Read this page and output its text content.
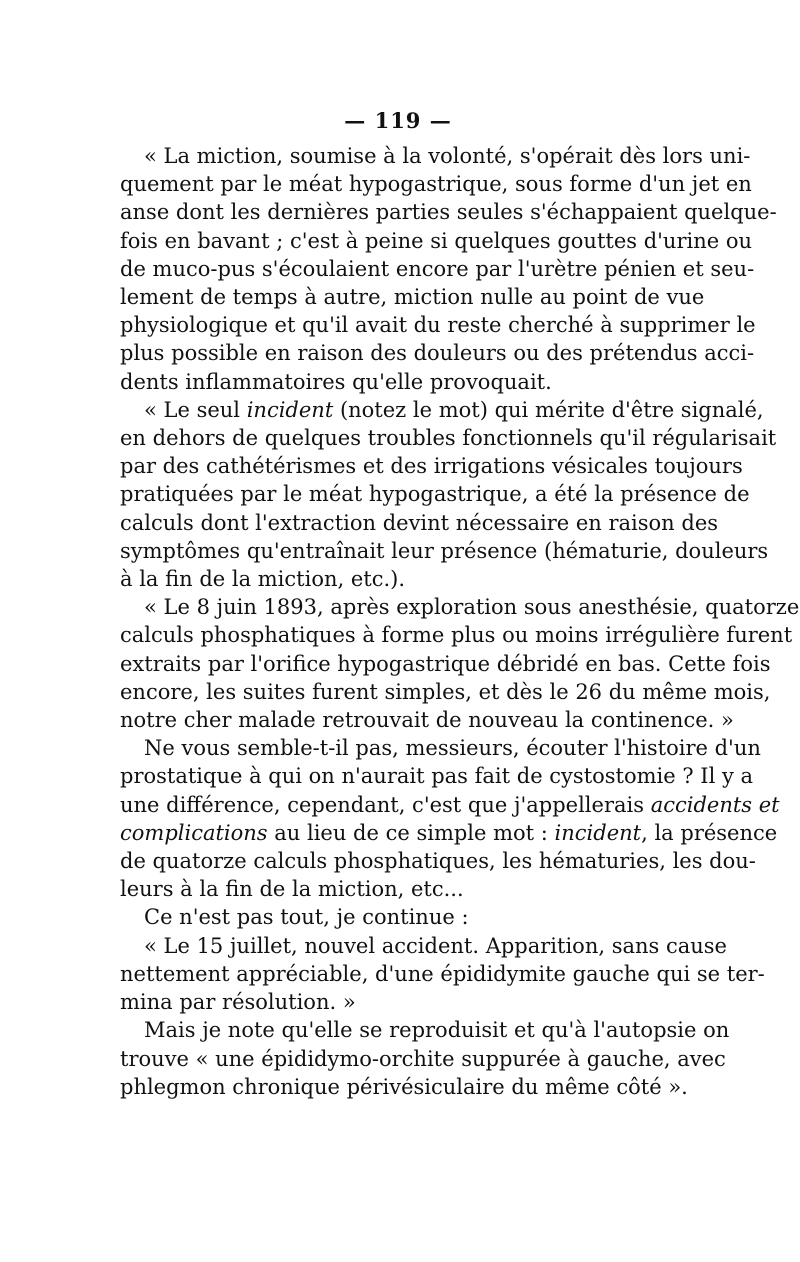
— 119 —

« La miction, soumise à la volonté, s'opérait dès lors uni-
quement par le méat hypogastrique, sous forme d'un jet en
anse dont les dernières parties seules s'échappaient quelque-
fois en bavant ; c'est à peine si quelques gouttes d'urine ou
de muco-pus s'écoulaient encore par l'urètre pénien et seu-
lement de temps à autre, miction nulle au point de vue
physiologique et qu'il avait du reste cherché à supprimer le
plus possible en raison des douleurs ou des prétendus acci-
dents inflammatoires qu'elle provoquait.

« Le seul incident (notez le mot) qui mérite d'être signalé,
en dehors de quelques troubles fonctionnels qu'il régularisait
par des cathétérismes et des irrigations vésicales toujours
pratiquées par le méat hypogastrique, a été la présence de
calculs dont l'extraction devint nécessaire en raison des
symptômes qu'entraînait leur présence (hématurie, douleurs
à la fin de la miction, etc.).

« Le 8 juin 1893, après exploration sous anesthésie, quatorze
calculs phosphatiques à forme plus ou moins irrégulière furent
extraits par l'orifice hypogastrique débridé en bas. Cette fois
encore, les suites furent simples, et dès le 26 du même mois,
notre cher malade retrouvait de nouveau la continence. »

Ne vous semble-t-il pas, messieurs, écouter l'histoire d'un
prostatique à qui on n'aurait pas fait de cystostomie ? Il y a
une différence, cependant, c'est que j'appellerais accidents et
complications au lieu de ce simple mot : incident, la présence
de quatorze calculs phosphatiques, les hématuries, les dou-
leurs à la fin de la miction, etc...

Ce n'est pas tout, je continue :

« Le 15 juillet, nouvel accident. Apparition, sans cause
nettement appréciable, d'une épididymite gauche qui se ter-
mina par résolution. »

Mais je note qu'elle se reproduisit et qu'à l'autopsie on
trouve « une épididymo-orchite suppurée à gauche, avec
phlegmon chronique périvésiculaire du même côté ».
